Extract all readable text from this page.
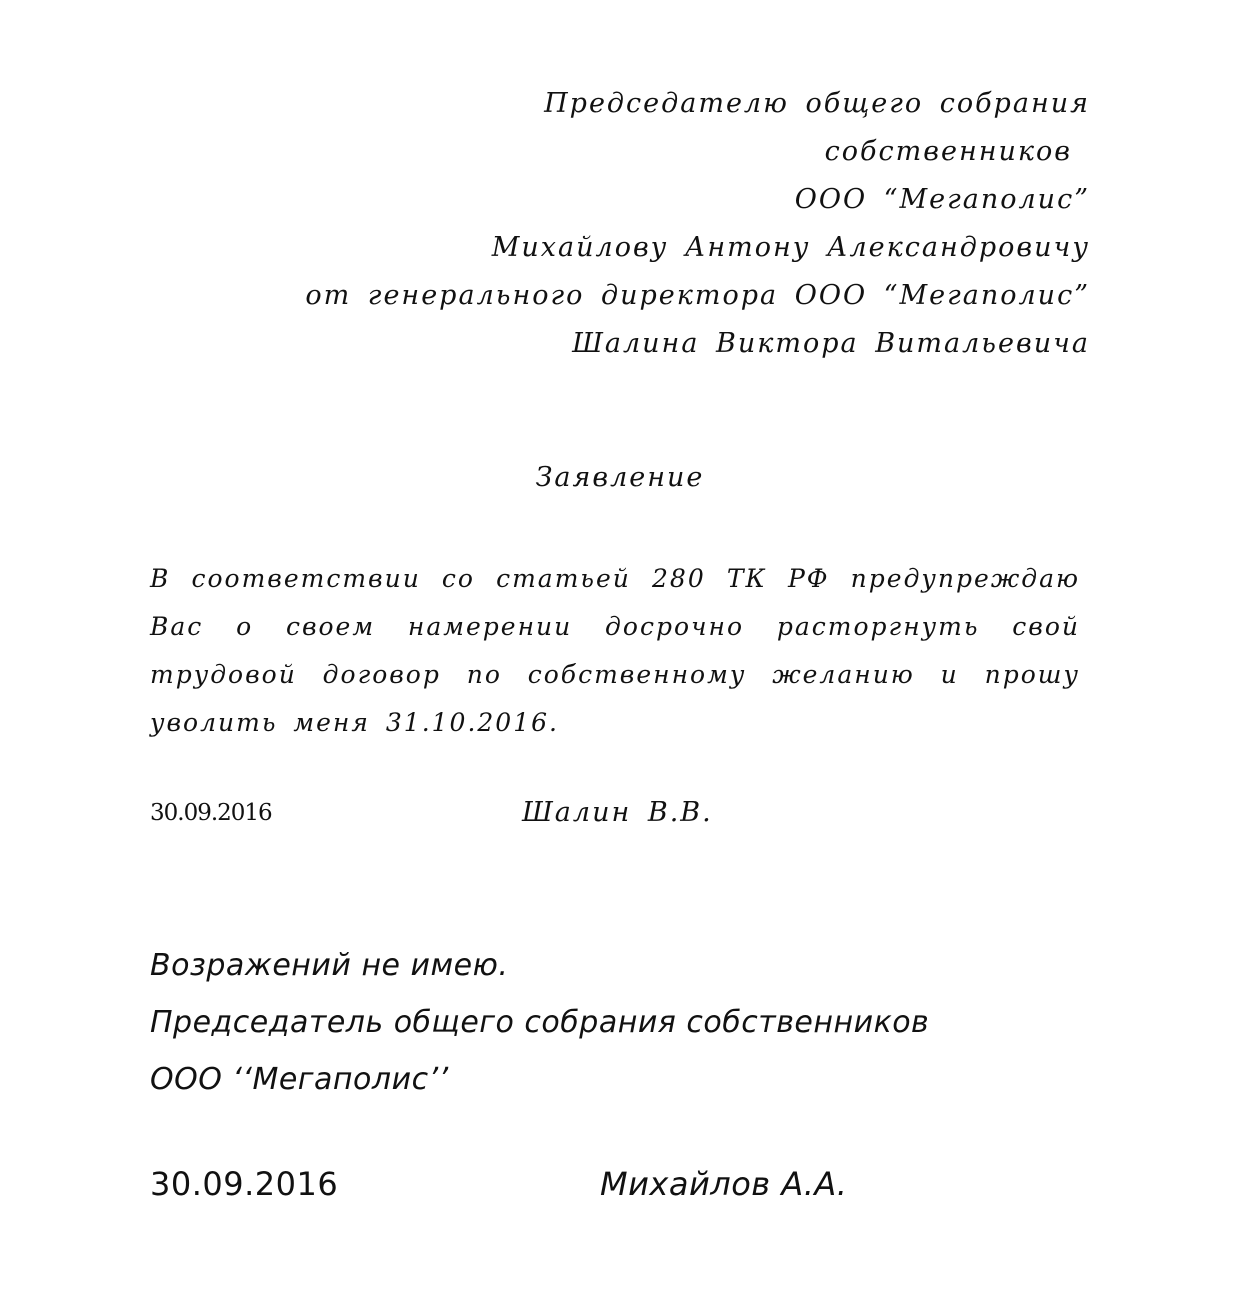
Председателю общего собрания
собственников
ООО “Мегаполис”
Михайлову Антону Александровичу
от генерального директора ООО “Мегаполис”
Шалина Виктора Витальевича
Заявление
В соответствии со статьей 280 ТК РФ предупреждаю Вас о своем намерении досрочно расторгнуть свой трудовой договор по собственному желанию и прошу уволить меня 31.10.2016.
30.09.2016	Шалин В.В.
Возражений не имею.
Председатель общего собрания собственников
ООО ‘‘Мегаполис’’
30.09.2016	Михайлов А.А.
